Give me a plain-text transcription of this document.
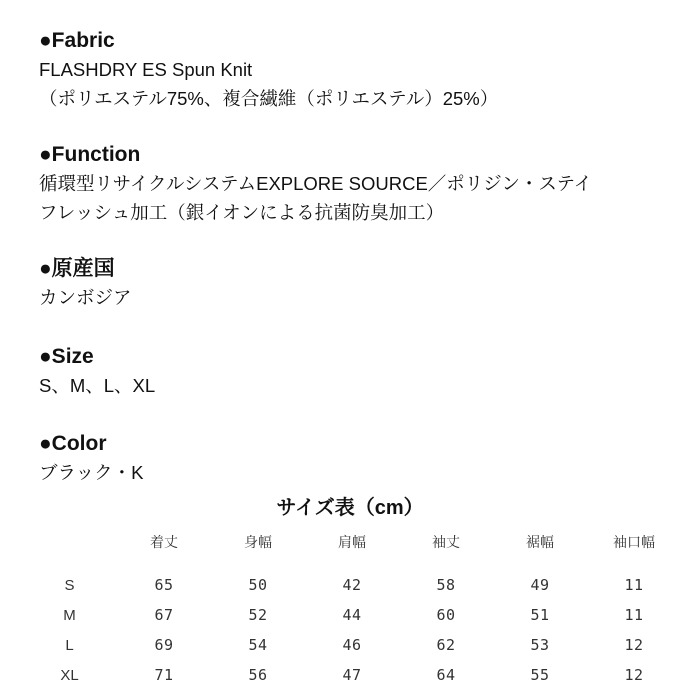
●Fabric
FLASHDRY ES Spun Knit
（ポリエステル75%、複合繊維（ポリエステル）25%）
●Function
循環型リサイクルシステムEXPLORE SOURCE／ポリジン・ステイ
フレッシュ加工（銀イオンによる抗菌防臭加工）
●原産国
カンボジア
●Size
S、M、L、XL
●Color
ブラック・K
サイズ表（cm）
	着丈	身幅	肩幅	袖丈	裾幅	袖口幅

S	65	50	42	58	49	11
M	67	52	44	60	51	11
L	69	54	46	62	53	12
XL	71	56	47	64	55	12
